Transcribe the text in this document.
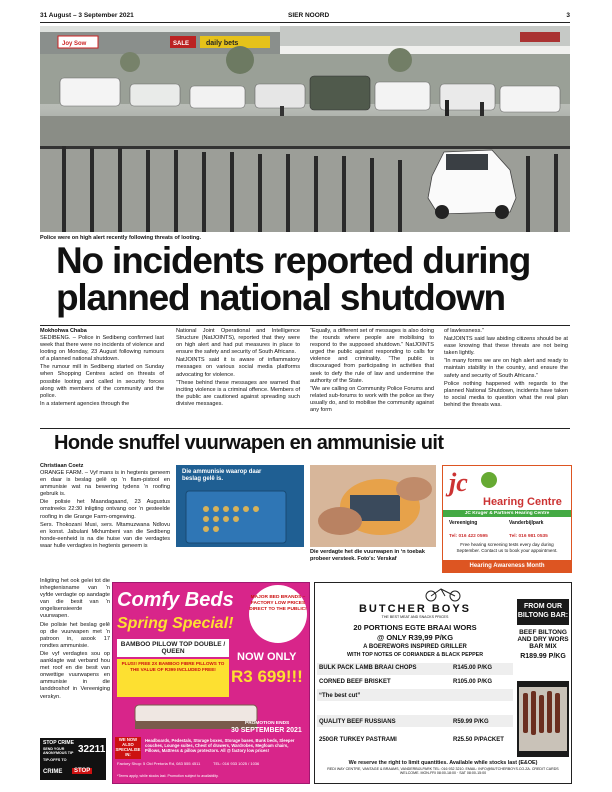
31 August – 3 September 2021	SIER NOORD	3
Joy Sow	SALE daily bets
Police were on high alert recently following threats of looting.
No incidents reported during
planned national shutdown
Mokhohwa Chaba

SEDIBENG. – Police in Sedibeng confirmed last week that there were no incidents of violence and looting on Monday, 23 August following rumours of a planned national shutdown.

The rumour mill in Sedibeng started on Sunday when Shopping Centres acted on threats of possible looting and called in security forces along with members of the community and the police.

In a statement agencies through the

National Joint Operational and Intelligence Structure (NatJOINTS), reported that they were on high alert and had put measures in place to ensure the safety and security of South Africans.

NatJOINTS said it is aware of inflammatory messages on various social media platforms advocating for violence.

“These behind these messages are warned that inciting violence is a criminal offence. Members of the public are cautioned against spreading such divisive messages.

“Equally, a different set of messages is also doing the rounds where people are mobilising to respond to the supposed shutdown.” NatJOINTS urged the public against responding to calls for violence and criminality. “The public is discouraged from participating in activities that seek to defy the rule of law and undermine the authority of the State.

“We are calling on Community Police Forums and related sub-forums to work with the police as they usually do, and to mobilise the community against any form

of lawlessness.”

NatJOINTS said law abiding citizens should be at ease knowing that these threats are not being taken lightly.

“In many forms we are on high alert and ready to maintain stability in the country, and ensure the safety and security of South Africans.”

Police nothing happened with regards to the planned National Shutdown, incidents have taken to social media to question what the real plan behind the threats was.

Honde snuffel vuurwapen en ammunisie uit
Christiaan Coetz

ORANGE FARM. – Vyf mans is in hegtenis geneem en daar is beslag gelê op ‘n flam-pistool en ammunisie wat na bewering tydens ‘n roofing gebruik is.

Die polisie het Maandagaand, 23 Augustus omstreeks 22:30 inligting ontvang oor ‘n gesteelde roofing in die Grange Farm-omgewing.

Sers. Thokozani Musi, sers. Mtamuzwana Ndlovu en konst. Jabulani Mkhumbeni van die Sedibeng honde-eenheid is na die huise van die verdagtes waar hulle verdagtes in hegtenis geneem is

Inligting het ook gelei tot die inhegtenisname van ‘n vyfde verdagte op aandagte van die besit van ‘n ongelisensieerde vuurwapen.

Die polisie het beslag gelê op die vuurwapen met ‘n patroon in, asook 17 rondtes ammunisie.

Die vyf verdagtes sou op aanklagte wat verband hou met roof en die besit van onwettige vuurwapens en ammunisie in die landdroshof in Vereeniging verskyn.

Die ammunisie waarop daar beslag gelê is.
Die verdagte het die vuurwapen in ‘n toebak probeer versteek. Foto's: Verskaf
jc
Hearing Centre
JC Kruger & Partners Hearing Centre
Vereeniging	Vanderbijlpark
Tel: 016 422 0595	Tel: 016 981 0535
Free hearing screening tests every day during September. Contact us to book your appointment.
Hearing Awareness Month
Comfy Beds
Spring Special!
MAJOR BED BRANDS – FACTORY LOW PRICES DIRECT TO THE PUBLIC!
BAMBOO PILLOW TOP DOUBLE / QUEEN
PLUS!! FREE 2X BAMBOO FIBRE PILLOWS TO THE VALUE OF R399 INCLUDED FREE!
NOW ONLY
R3 699!!!
PROMOTION ENDS
30 SEPTEMBER 2021
WE NOW ALSO SPECIALISE IN:
Headboards, Pedestals, Storage boxes, Storage bases, Bunk beds, Sleeper couches, Lounge suites, Chest of drawers, Wardrobes, Megfoam chairs, Pillows, Mattress & pillow protectors. All @ factory low prices!
Factory Shop: 5 Old Pretoria Rd, 083 555 4511	TEL: 016 933 1025 / 1036
*Terms apply, while stocks last. Promotion subject to availability.
STOP CRIME
SEND YOUR ANONYMOUS TIP 32211
TIP-OFFS TO
CRIME	STOP
BUTCHER BOYS
THE BEST MEAT AND SNACKS PRICES
20 PORTIONS EGTE BRAAI WORS
@ ONLY R39,99 P/KG
A BOEREWORS INSPIRED GRILLER
WITH TOP NOTES OF CORIANDER & BLACK PEPPER
BULK PACK LAMB BRAAI CHOPS	R145.00 P/KG
CORNED BEEF BRISKET	R105.00 P/KG
“The best cut”
QUALITY BEEF RUSSIANS	R59.99 P/KG
250GR TURKEY PASTRAMI	R25.50 P/PACKET
FROM OUR
BILTONG BAR:
BEEF BILTONG
AND DRY WORS
BAR MIX
R189.99 P/KG
We reserve the right to limit quantities. Available while stocks last (E&OE)
REDI WAY CENTRE, VANTAGE & BRAAMS, VANDERBIJLPARK TEL: 016 932 3210. EMAIL: INFO@BUTCHERBOYS.CO.ZA. CREDIT CARDS WELCOME. MON-FRI 08:00-18:00 · SAT 08:00-15:00
